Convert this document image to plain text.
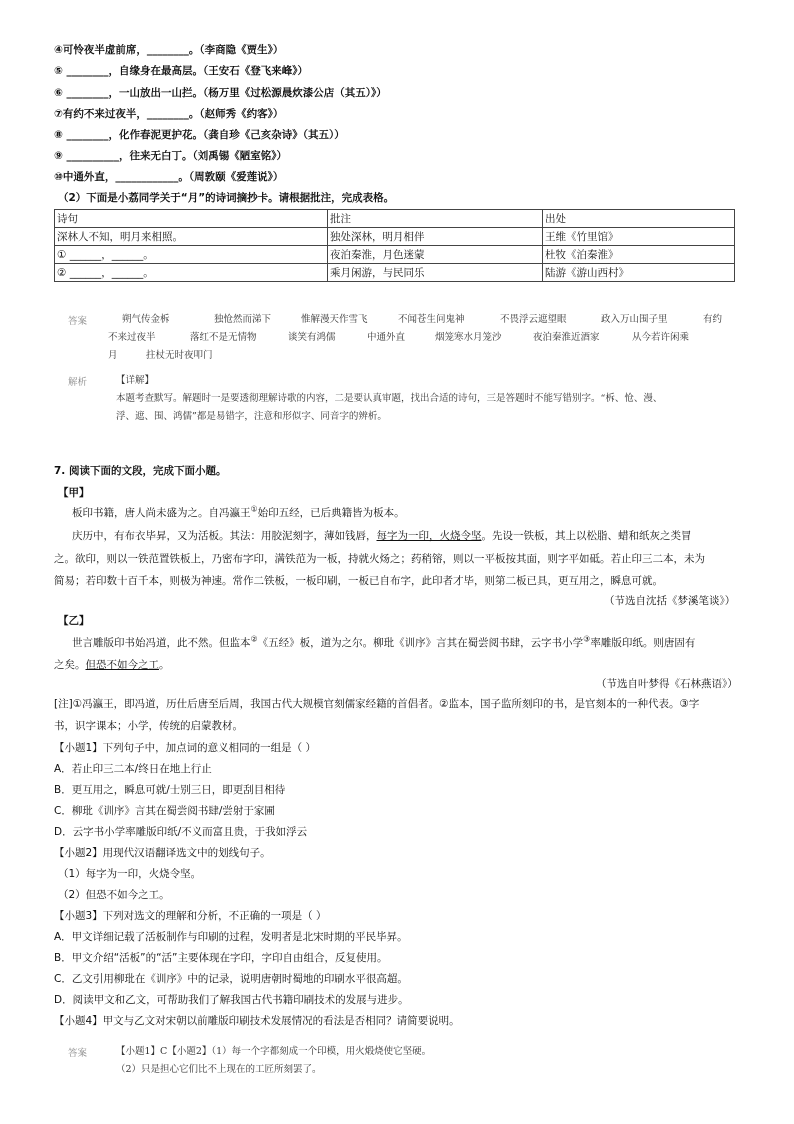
④可怜夜半虚前席，________。（李商隐《贾生》）
⑤ ________，自缘身在最高层。（王安石《登飞来峰》）
⑥ ________，一山放出一山拦。（杨万里《过松源晨炊漆公店（其五）》）
⑦有约不来过夜半，________。（赵师秀《约客》）
⑧ ________，化作春泥更护花。（龚自珍《己亥杂诗》（其五））
⑨ __________，往来无白丁。（刘禹锡《陋室铭》）
⑩中通外直，____________。（周敦颐《爱莲说》）
（2）下面是小荔同学关于“月”的诗词摘抄卡。请根据批注，完成表格。
诗句	批注	出处
深林人不知，明月来相照。	独处深林，明月相伴	王维《竹里馆》
① ______，______。	夜泊秦淮，月色迷蒙	杜牧《泊秦淮》
② ______，______。	乘月闲游，与民同乐	陆游《游山西村》
答案	朔气传金柝	独怆然而涕下	惟解漫天作雪飞	不闻苍生问鬼神	不畏浮云遮望眼	政入万山围子里	有约
不来过夜半	落红不是无情物	谈笑有鸿儒	中通外直	烟笼寒水月笼沙	夜泊秦淮近酒家	从今若许闲乘
月	拄杖无时夜叩门
解析	【详解】
本题考查默写。解题时一是要透彻理解诗歌的内容，二是要认真审题，找出合适的诗句，三是答题时不能写错别字。“柝、怆、漫、
浮、遮、围、鸿儒”都是易错字，注意和形似字、同音字的辨析。
7. 阅读下面的文段，完成下面小题。
【甲】
板印书籍，唐人尚未盛为之。自冯瀛王①始印五经，已后典籍皆为板本。
庆历中，有布衣毕昇，又为活板。其法：用胶泥刻字，薄如钱唇，每字为一印，火烧令坚。先设一铁板，其上以松脂、蜡和纸灰之类冒
之。欲印，则以一铁范置铁板上，乃密布字印，满铁范为一板，持就火炀之；药稍镕，则以一平板按其面，则字平如砥。若止印三二本，未为
简易；若印数十百千本，则极为神速。常作二铁板，一板印刷，一板已自布字，此印者才毕，则第二板已具，更互用之，瞬息可就。
（节选自沈括《梦溪笔谈》）
【乙】
世言雕版印书始冯道，此不然。但监本②《五经》板，道为之尔。柳玭《训序》言其在蜀尝阅书肆，云字书小学③率雕版印纸。则唐固有
之矣。但恐不如今之工。
（节选自叶梦得《石林燕语》）
[注]①冯瀛王，即冯道，历仕后唐至后周，我国古代大规模官刻儒家经籍的首倡者。②监本，国子监所刻印的书，是官刻本的一种代表。③字
书，识字课本；小学，传统的启蒙教材。
【小题1】下列句子中，加点词的意义相同的一组是（ ）
A．若止印三二本/终日在地上行止
B．更互用之，瞬息可就/士别三日，即更刮目相待
C．柳玭《训序》言其在蜀尝阅书肆/尝射于家圃
D．云字书小学率雕版印纸/不义而富且贵，于我如浮云
【小题2】用现代汉语翻译选文中的划线句子。
（1）每字为一印，火烧令坚。
（2）但恐不如今之工。
【小题3】下列对选文的理解和分析，不正确的一项是（ ）
A．甲文详细记载了活板制作与印刷的过程，发明者是北宋时期的平民毕昇。
B．甲文介绍“活板”的“活”主要体现在字印，字印自由组合，反复使用。
C．乙文引用柳玭在《训序》中的记录，说明唐朝时蜀地的印刷水平很高超。
D．阅读甲文和乙文，可帮助我们了解我国古代书籍印刷技术的发展与进步。
【小题4】甲文与乙文对宋朝以前雕版印刷技术发展情况的看法是否相同？请简要说明。
答案	【小题1】C【小题2】（1）每一个字都刻成一个印模，用火煅烧使它坚硬。
（2）只是担心它们比不上现在的工匠所刻罢了。
